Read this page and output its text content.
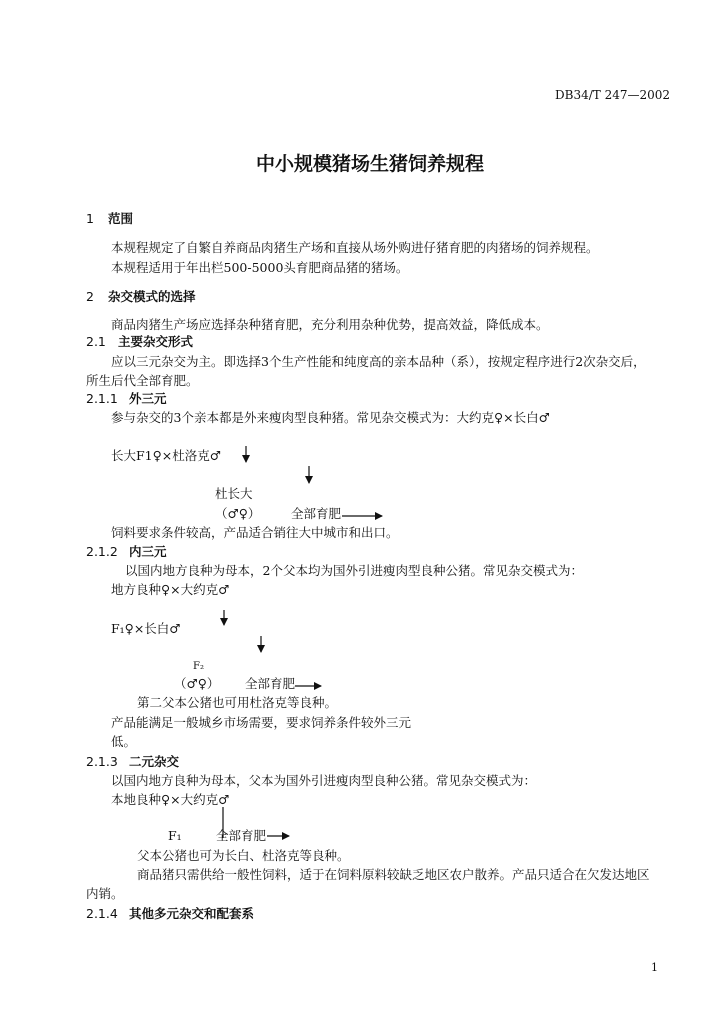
DB34/T 247—2002
中小规模猪场生猪饲养规程
1 范围
本规程规定了自繁自养商品肉猪生产场和直接从场外购进仔猪育肥的肉猪场的饲养规程。
本规程适用于年出栏500-5000头育肥商品猪的猪场。
2 杂交模式的选择
商品肉猪生产场应选择杂种猪育肥，充分利用杂种优势，提高效益，降低成本。
2.1 主要杂交形式
应以三元杂交为主。即选择3个生产性能和纯度高的亲本品种（系），按规定程序进行2次杂交后，
所生后代全部育肥。
2.1.1 外三元
参与杂交的3个亲本都是外来瘦肉型良种猪。常见杂交模式为：大约克♀×长白♂
长大F1♀×杜洛克♂
杜长大
（♂♀） 全部育肥
饲料要求条件较高，产品适合销往大中城市和出口。
2.1.2 内三元
以国内地方良种为母本，2个父本均为国外引进瘦肉型良种公猪。常见杂交模式为：
地方良种♀×大约克♂
F₁♀×长白♂
F₂
（♂♀） 全部育肥
第二父本公猪也可用杜洛克等良种。
产品能满足一般城乡市场需要，要求饲养条件较外三元
低。
2.1.3 二元杂交
以国内地方良种为母本，父本为国外引进瘦肉型良种公猪。常见杂交模式为：
本地良种♀×大约克♂
F₁	全部育肥
父本公猪也可为长白、杜洛克等良种。
商品猪只需供给一般性饲料，适于在饲料原料较缺乏地区农户散养。产品只适合在欠发达地区
内销。
2.1.4 其他多元杂交和配套系
1
